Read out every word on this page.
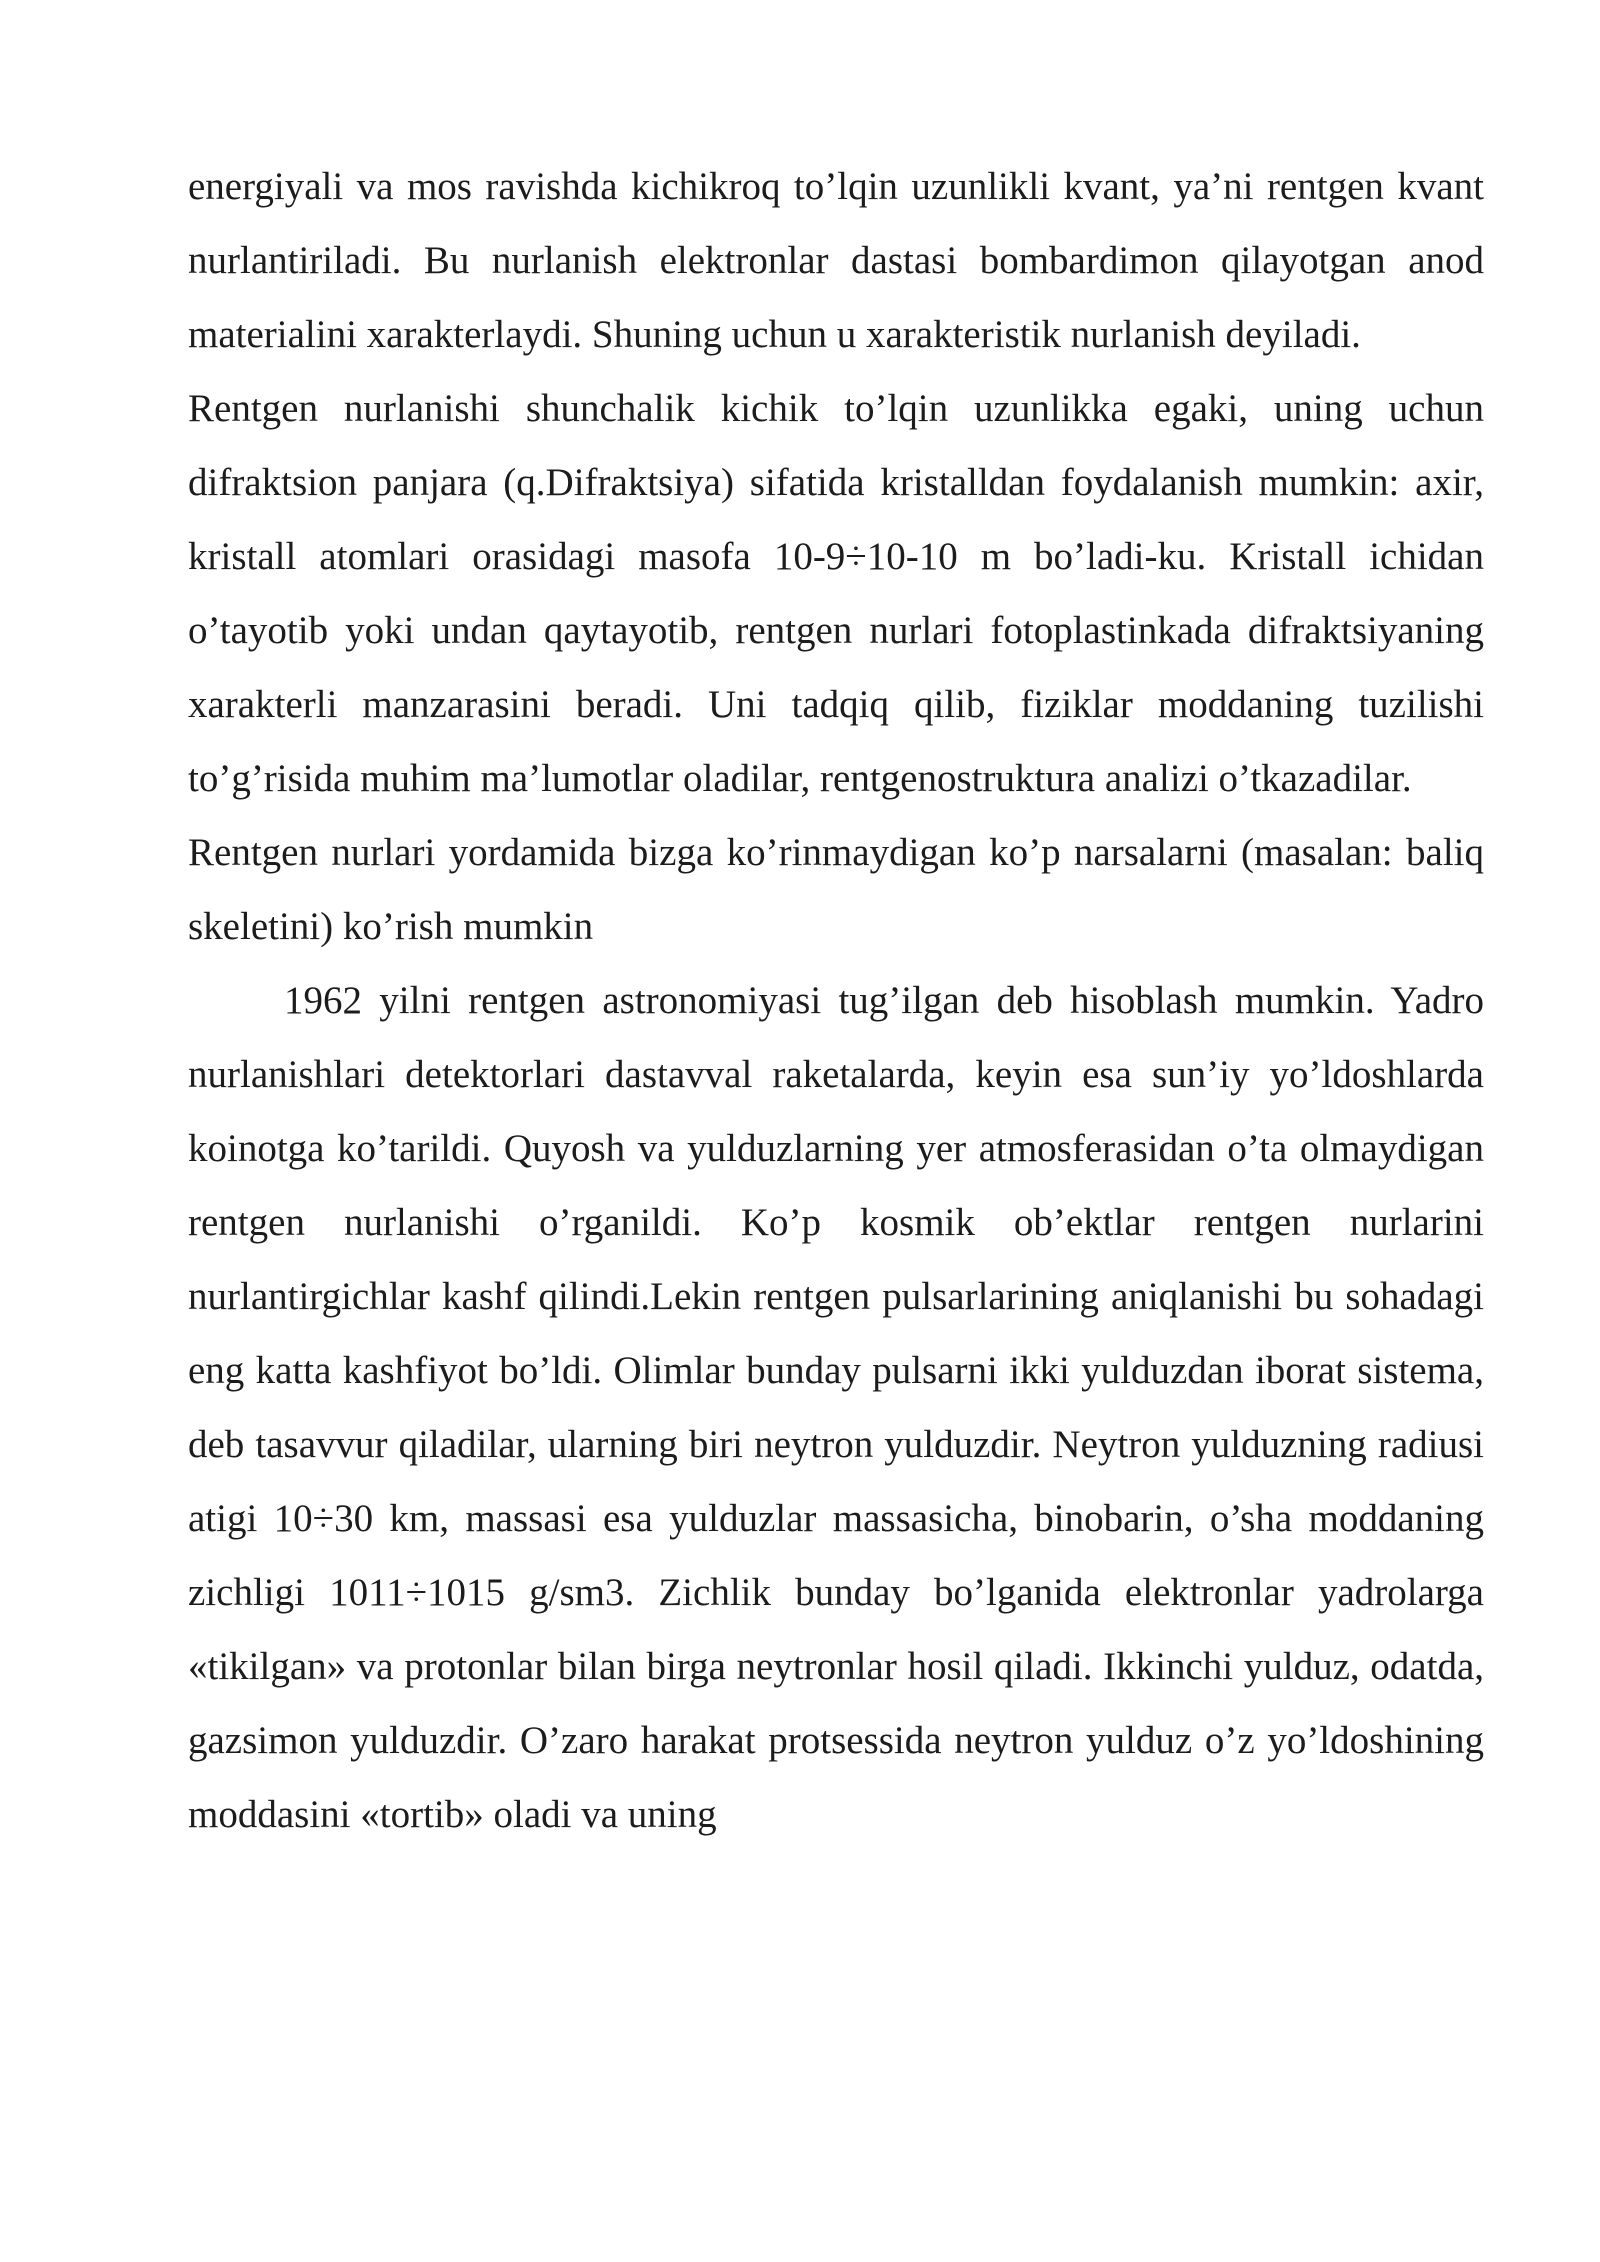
energiyali va mos ravishda kichikroq to’lqin uzunlikli kvant, ya’ni rentgen kvant nurlantiriladi. Bu nurlanish elektronlar dastasi bombardimon qilayotgan anod materialini xarakterlaydi. Shuning uchun u xarakteristik nurlanish deyiladi.

Rentgen nurlanishi shunchalik kichik to’lqin uzunlikka egaki, uning uchun difraktsion panjara (q.Difraktsiya) sifatida kristalldan foydalanish mumkin: axir, kristall atomlari orasidagi masofa 10-9÷10-10 m bo’ladi-ku. Kristall ichidan o’tayotib yoki undan qaytayotib, rentgen nurlari fotoplastinkada difraktsiyaning xarakterli manzarasini beradi. Uni tadqiq qilib, fiziklar moddaning tuzilishi to’g’risida muhim ma’lumotlar oladilar, rentgenostruktura analizi o’tkazadilar.

Rentgen nurlari yordamida bizga ko’rinmaydigan ko’p narsalarni (masalan: baliq skeletini) ko’rish mumkin

1962 yilni rentgen astronomiyasi tug’ilgan deb hisoblash mumkin. Yadro nurlanishlari detektorlari dastavval raketalarda, keyin esa sun’iy yo’ldoshlarda koinotga ko’tarildi. Quyosh va yulduzlarning yer atmosferasidan o’ta olmaydigan rentgen nurlanishi o’rganildi. Ko’p kosmik ob’ektlar rentgen nurlarini nurlantirgichlar kashf qilindi.Lekin rentgen pulsarlarining aniqlanishi bu sohadagi eng katta kashfiyot bo’ldi. Olimlar bunday pulsarni ikki yulduzdan iborat sistema, deb tasavvur qiladilar, ularning biri neytron yulduzdir. Neytron yulduzning radiusi atigi 10÷30 km, massasi esa yulduzlar massasicha, binobarin, o’sha moddaning zichligi 1011÷1015 g/sm3. Zichlik bunday bo’lganida elektronlar yadrolarga «tikilgan» va protonlar bilan birga neytronlar hosil qiladi. Ikkinchi yulduz, odatda, gazsimon yulduzdir. O’zaro harakat protsessida neytron yulduz o’z yo’ldoshining moddasini «tortib» oladi va uning
